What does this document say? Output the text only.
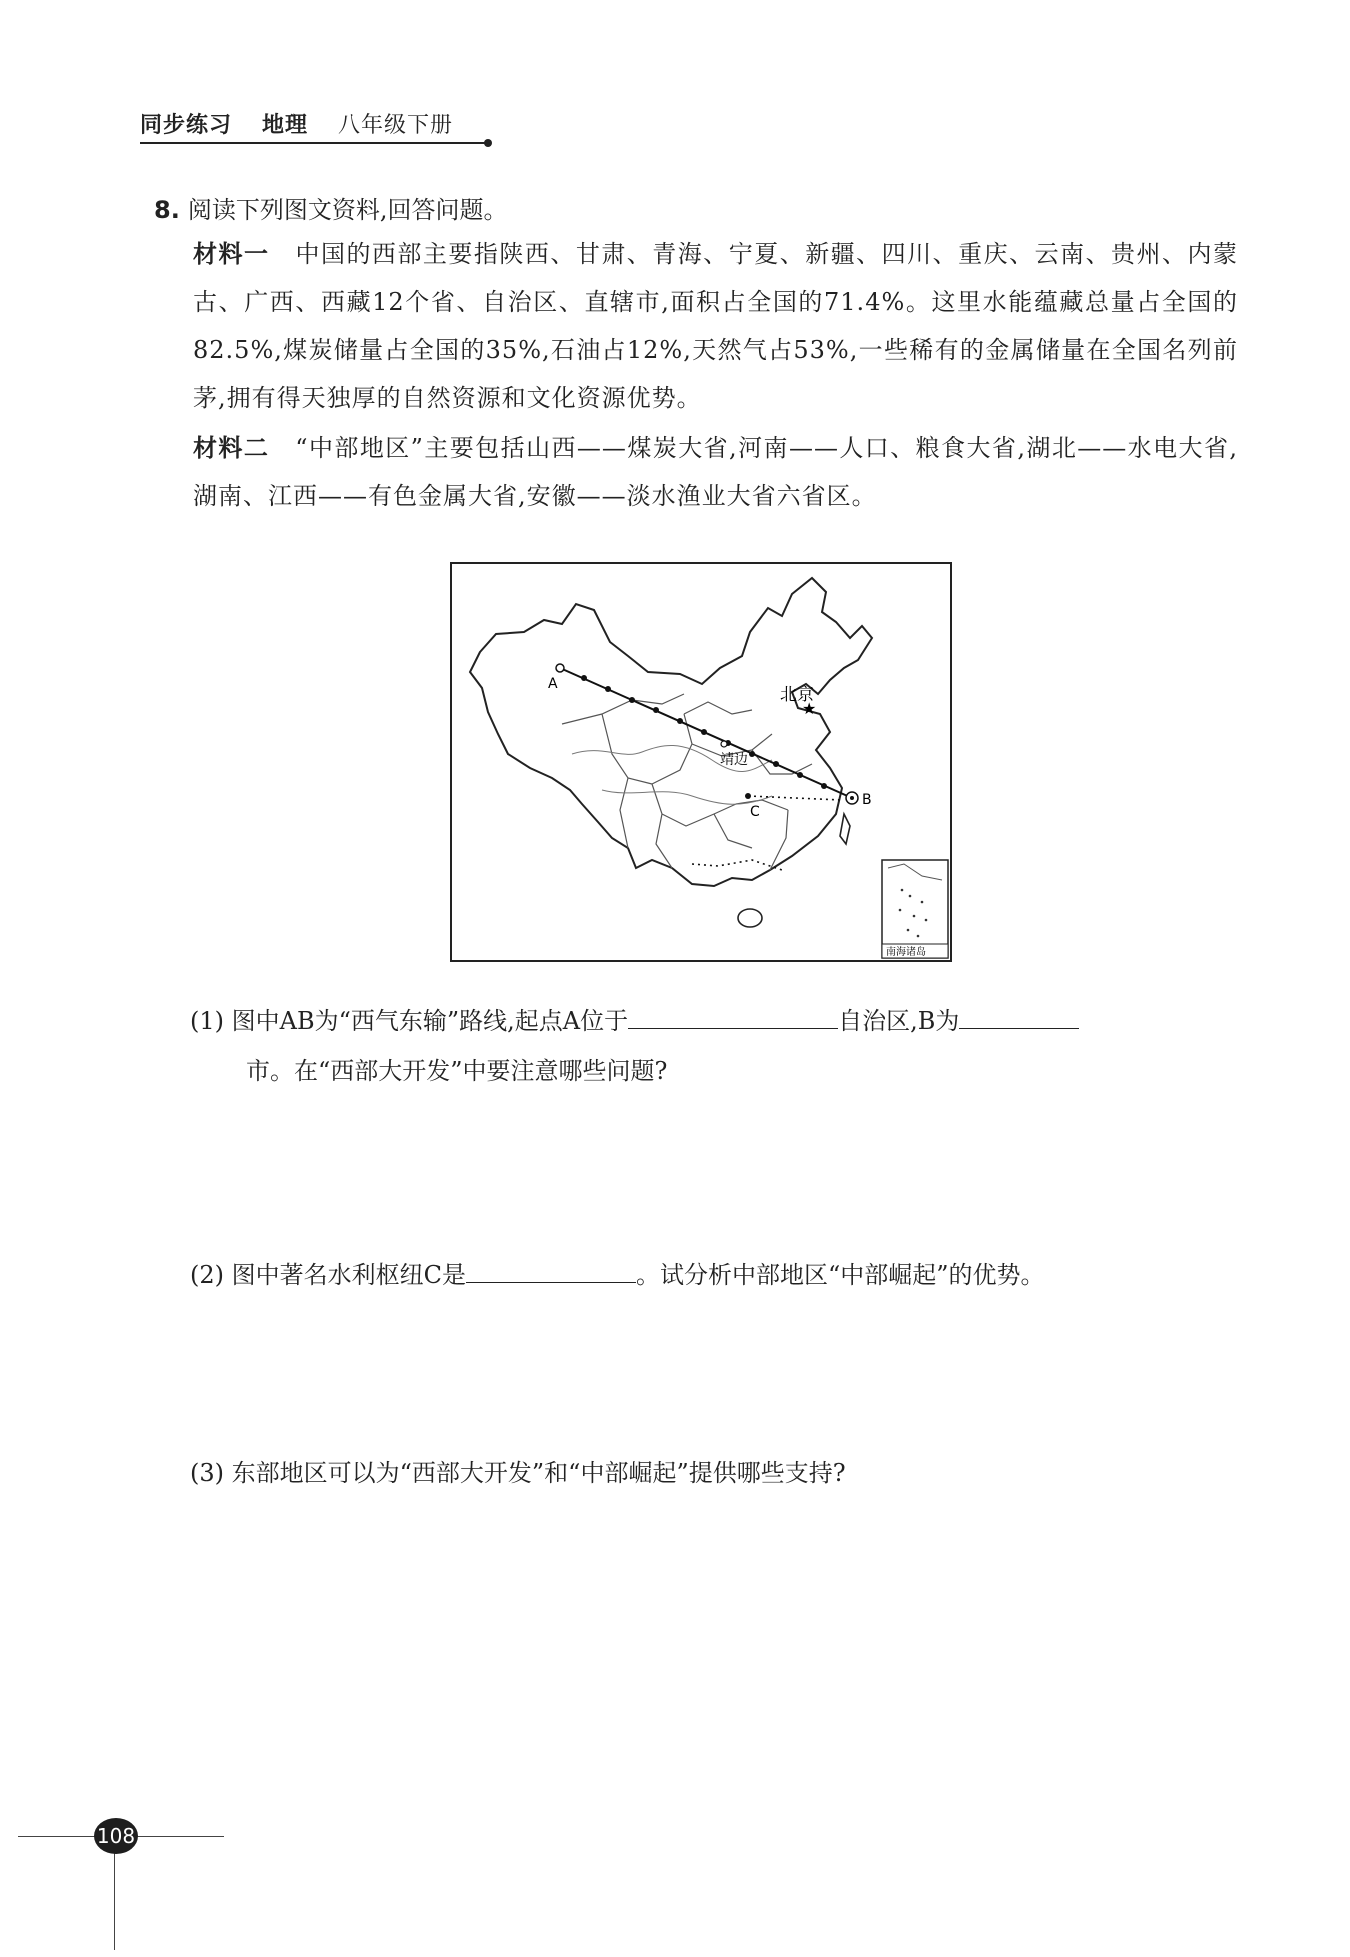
同步练习 地理 八年级下册
8. 阅读下列图文资料,回答问题。
材料一 中国的西部主要指陕西、甘肃、青海、宁夏、新疆、四川、重庆、云南、贵州、内蒙古、广西、西藏12个省、自治区、直辖市,面积占全国的71.4%。这里水能蕴藏总量占全国的82.5%,煤炭储量占全国的35%,石油占12%,天然气占53%,一些稀有的金属储量在全国名列前茅,拥有得天独厚的自然资源和文化资源优势。
材料二 “中部地区”主要包括山西——煤炭大省,河南——人口、粮食大省,湖北——水电大省,湖南、江西——有色金属大省,安徽——淡水渔业大省六省区。
A
B
★
北京
靖边
C
南海诸岛
(1) 图中AB为“西气东输”路线,起点A位于	自治区,B为
市。在“西部大开发”中要注意哪些问题?
(2) 图中著名水利枢纽C是	。试分析中部地区“中部崛起”的优势。
(3) 东部地区可以为“西部大开发”和“中部崛起”提供哪些支持?
108
